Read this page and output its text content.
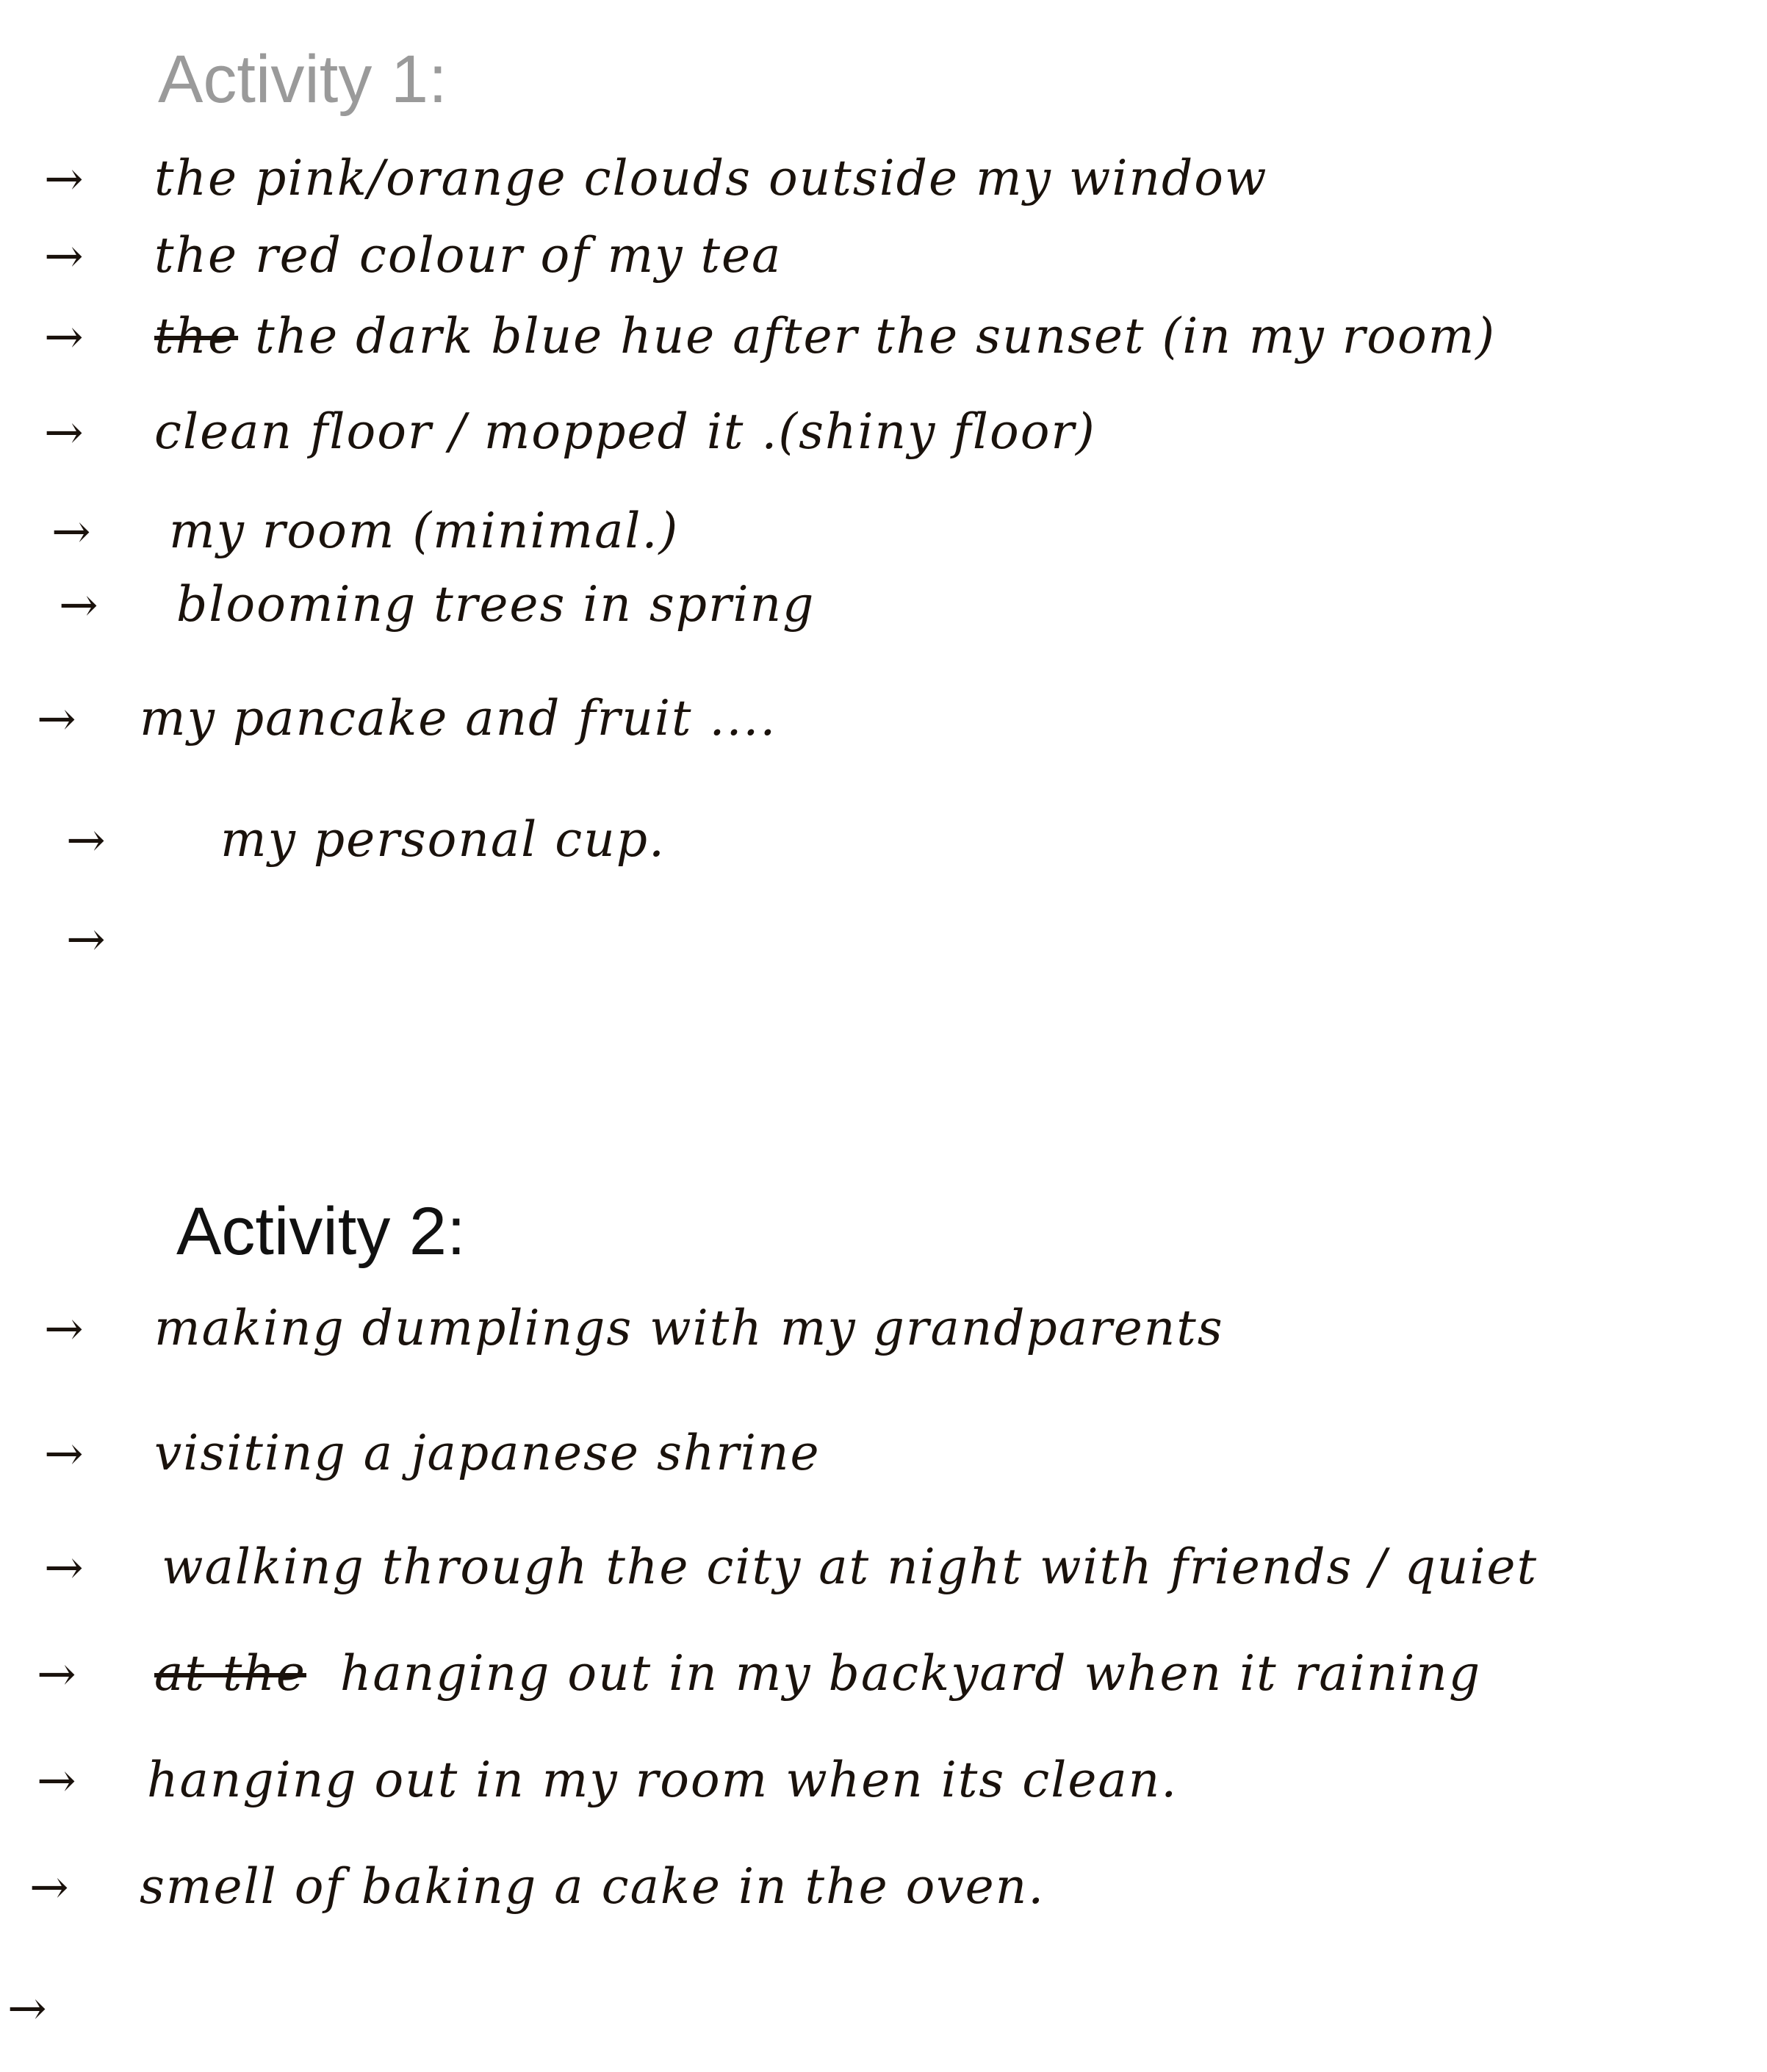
Activity 1:
→ the pink/orange clouds outside my window
→ the red colour of my tea
→ the the dark blue hue after the sunset (in my room)
→ clean floor / mopped it .(shiny floor)
→ my room (minimal.)
→ blooming trees in spring
→ my pancake and fruit ....
→ my personal cup.
→
Activity 2:
→ making dumplings with my grandparents
→ visiting a japanese shrine
→ walking through the city at night with friends / quiet
→ at the hanging out in my backyard when it raining
→ hanging out in my room when its clean.
→ smell of baking a cake in the oven.
→
